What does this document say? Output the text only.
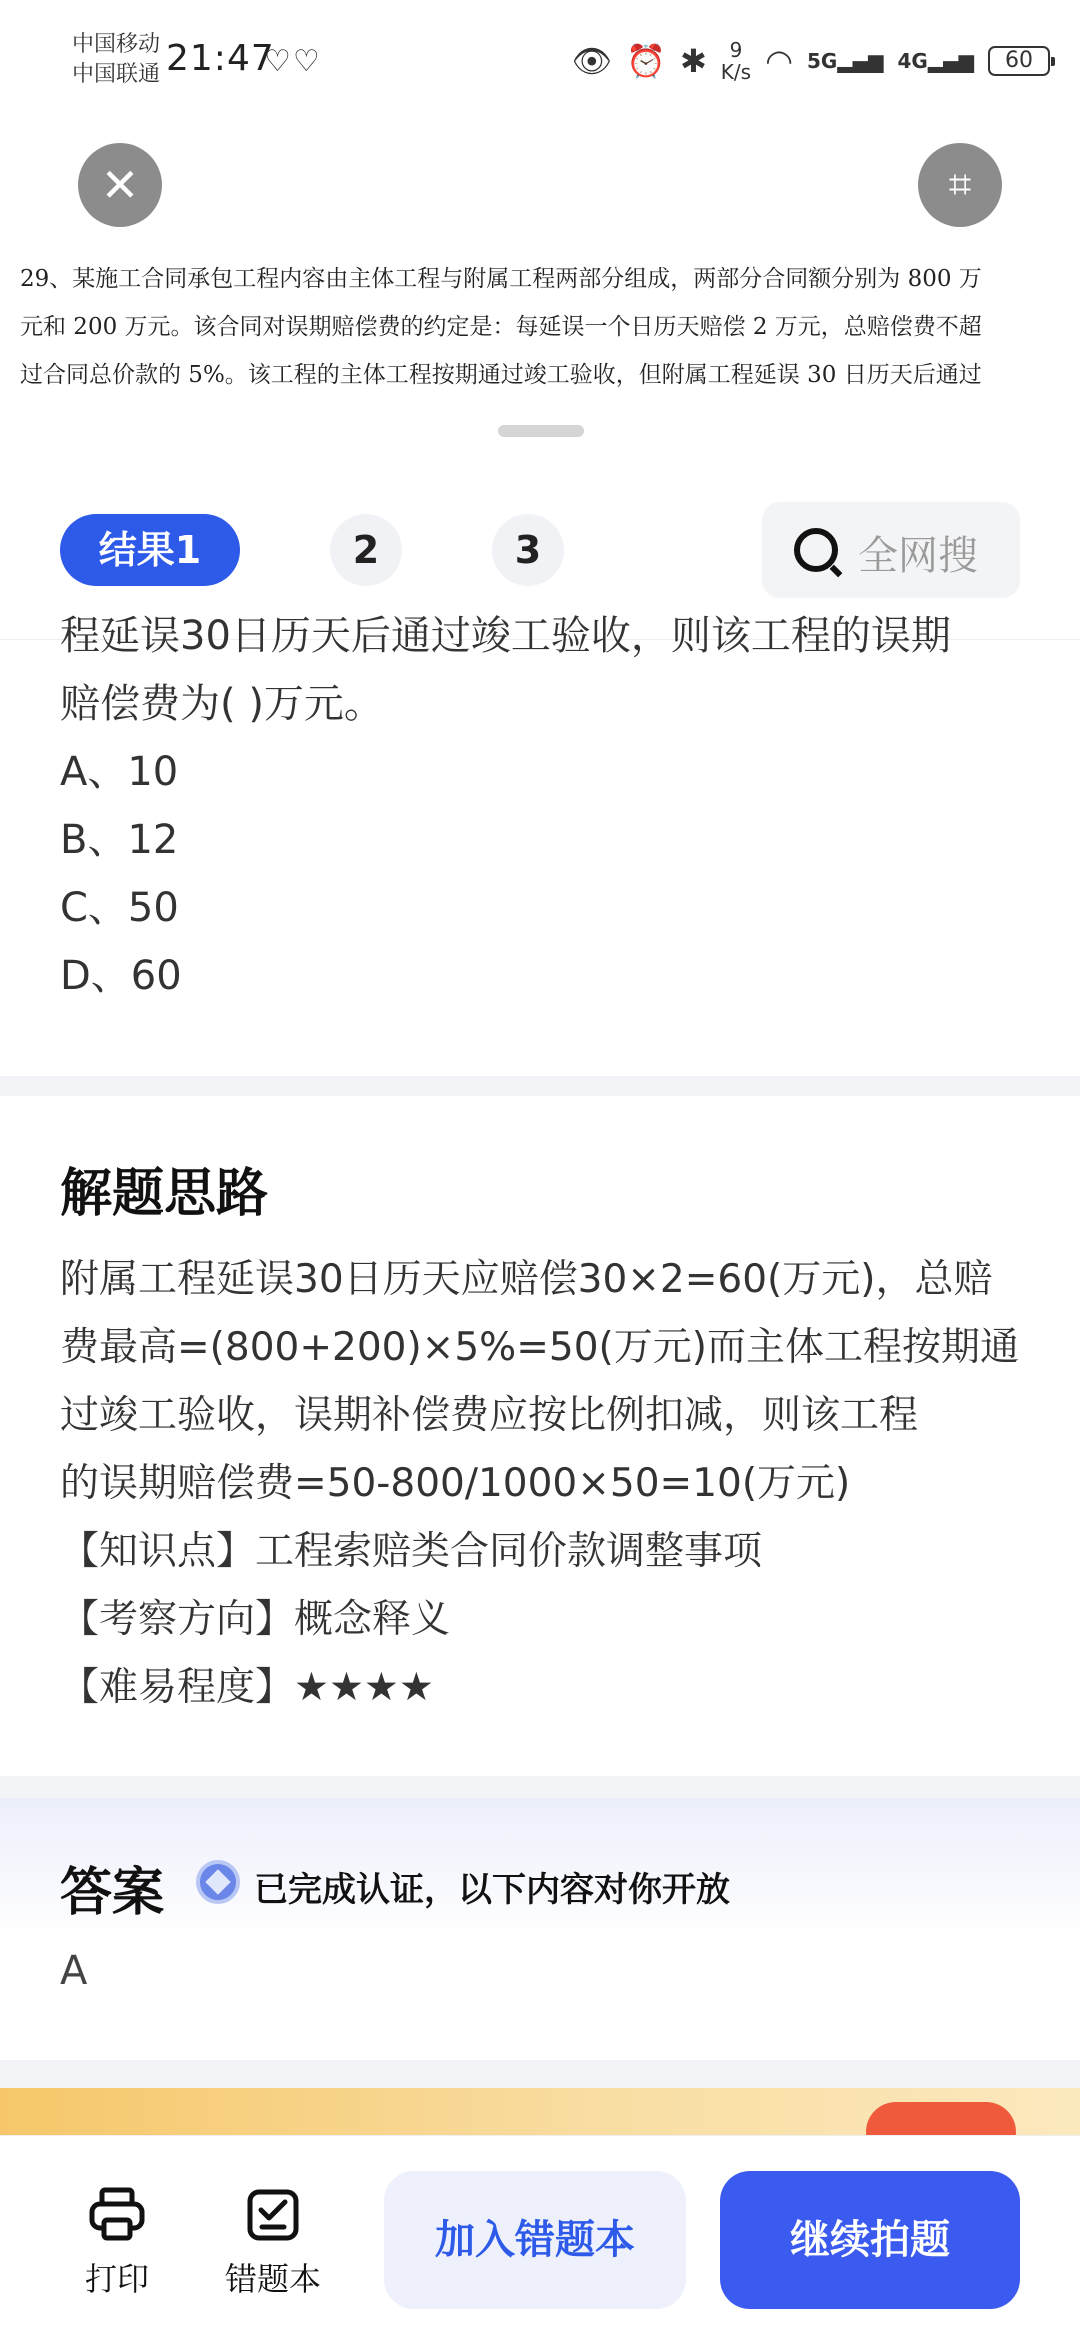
中国移动
中国联通 21:47
♡♡	👁 ⏰ ✱	9
K/s ◠ 5G▂▄▆ 4G▂▄▆	60
✕	⌗
29、某施工合同承包工程内容由主体工程与附属工程两部分组成，两部分合同额分别为 800 万
元和 200 万元。该合同对误期赔偿费的约定是：每延误一个日历天赔偿 2 万元，总赔偿费不超
过合同总价款的 5%。该工程的主体工程按期通过竣工验收，但附属工程延误 30 日历天后通过
结果1	2	3	全网搜
程延误30日历天后通过竣工验收，则该工程的误期
赔偿费为( )万元。
A、10
B、12
C、50
D、60
解题思路
附属工程延误30日历天应赔偿30×2=60(万元)，总赔
费最高=(800+200)×5%=50(万元)而主体工程按期通
过竣工验收，误期补偿费应按比例扣减，则该工程
的误期赔偿费=50-800/1000×50=10(万元)
【知识点】工程索赔类合同价款调整事项
【考察方向】概念释义
【难易程度】★★★★
答案	已完成认证，以下内容对你开放
A
打印	错题本
加入错题本	继续拍题
